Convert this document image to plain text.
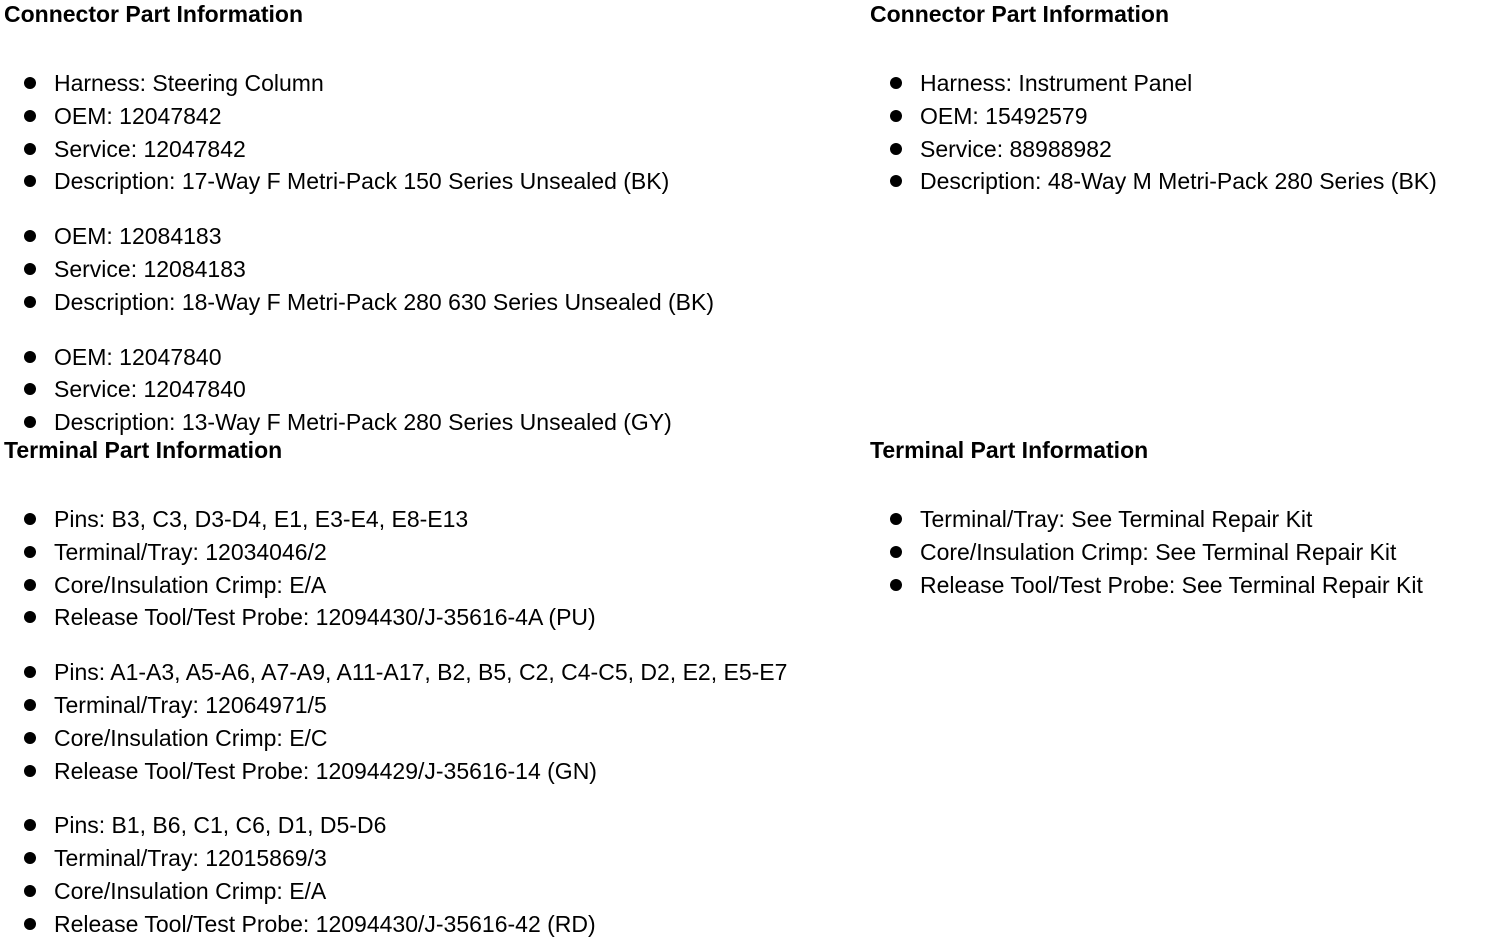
Connector Part Information
Harness: Steering Column
OEM: 12047842
Service: 12047842
Description: 17-Way F Metri-Pack 150 Series Unsealed (BK)
OEM: 12084183
Service: 12084183
Description: 18-Way F Metri-Pack 280 630 Series Unsealed (BK)
OEM: 12047840
Service: 12047840
Description: 13-Way F Metri-Pack 280 Series Unsealed (GY)
Terminal Part Information
Pins: B3, C3, D3-D4, E1, E3-E4, E8-E13
Terminal/Tray: 12034046/2
Core/Insulation Crimp: E/A
Release Tool/Test Probe: 12094430/J-35616-4A (PU)
Pins: A1-A3, A5-A6, A7-A9, A11-A17, B2, B5, C2, C4-C5, D2, E2, E5-E7
Terminal/Tray: 12064971/5
Core/Insulation Crimp: E/C
Release Tool/Test Probe: 12094429/J-35616-14 (GN)
Pins: B1, B6, C1, C6, D1, D5-D6
Terminal/Tray: 12015869/3
Core/Insulation Crimp: E/A
Release Tool/Test Probe: 12094430/J-35616-42 (RD)
Connector Part Information
Harness: Instrument Panel
OEM: 15492579
Service: 88988982
Description: 48-Way M Metri-Pack 280 Series (BK)
Terminal Part Information
Terminal/Tray: See Terminal Repair Kit
Core/Insulation Crimp: See Terminal Repair Kit
Release Tool/Test Probe: See Terminal Repair Kit
